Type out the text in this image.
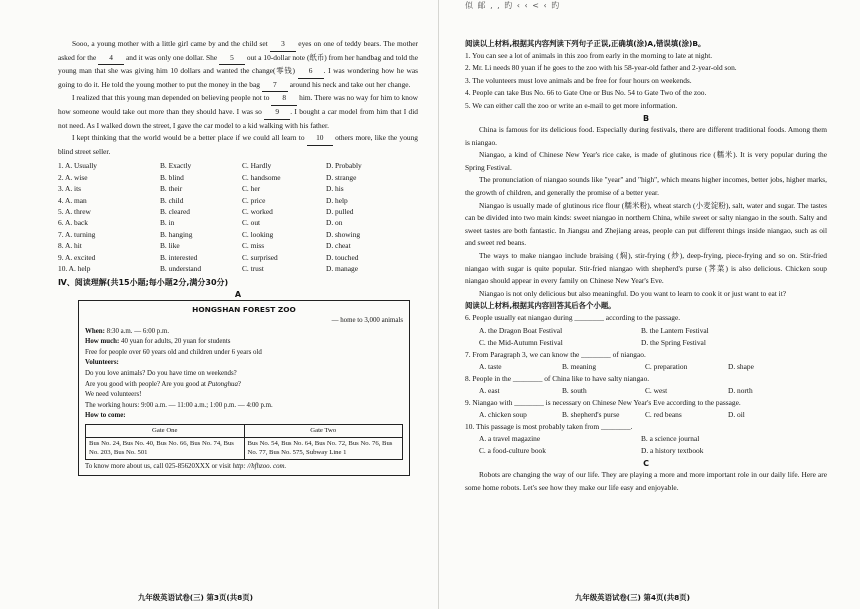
Sooo, a young mother with a little girl came by and the child set 3 eyes on one of teddy bears. The mother asked for the 4 and it was only one dollar. She 5 out a 10-dollar note (纸币) from her handbag and told the young man that she was giving him 10 dollars and wanted the change(零钱) 6 . I was wondering how he was going to do it. He told the young mother to put the money in the bag 7 around his neck and take out her change.

I realized that this young man depended on believing people not to 8 him. There was no way for him to know how someone would take out more than they should have. I was so 9 . I bought a car model from him that I did not need. As I walked down the street, I gave the car model to a kid walking with his father.

I kept thinking that the world would be a better place if we could all learn to 10 others more, like the young blind street seller.

1. A. Usually	B. Exactly	C. Hardly	D. Probably
2. A. wise	B. blind	C. handsome	D. strange
3. A. its	B. their	C. her	D. his
4. A. man	B. child	C. price	D. help
5. A. threw	B. cleared	C. worked	D. pulled
6. A. back	B. in	C. out	D. on
7. A. turning	B. hanging	C. looking	D. showing
8. A. hit	B. like	C. miss	D. cheat
9. A. excited	B. interested	C. surprised	D. touched
10. A. help	B. understand	C. trust	D. manage
Ⅳ、阅读理解(共15小题;每小题2分,满分30分)
A
HONGSHAN FOREST ZOO
— home to 3,000 animals
When: 8:30 a.m. — 6:00 p.m.
How much: 40 yuan for adults, 20 yuan for students
Free for people over 60 years old and children under 6 years old
Volunteers:
Do you love animals? Do you have time on weekends?
Are you good with people? Are you good at Putonghua?
We need volunteers!
The working hours: 9:00 a.m. — 11:00 a.m.; 1:00 p.m. — 4:00 p.m.
How to come:
Gate One	Gate Two
Bus No. 24, Bus No. 40, Bus No. 66, Bus No. 74, Bus No. 203, Bus No. 501	Bus No. 54, Bus No. 64, Bus No. 72, Bus No. 76, Bus No. 77, Bus No. 575, Subway Line 1
To know more about us, call 025-85620XXX or visit http: //hfhzoo. com.
九年级英语试卷(三) 第3页(共8页)
似 邮 , , 旳 ‹ ‹ < ‹ 旳
阅读以上材料,根据其内容判读下列句子正误,正确填(涂)A,错误填(涂)B。
1. You can see a lot of animals in this zoo from early in the morning to late at night.
2. Mr. Li needs 80 yuan if he goes to the zoo with his 58-year-old father and 2-year-old son.
3. The volunteers must love animals and be free for four hours on weekends.
4. People can take Bus No. 66 to Gate One or Bus No. 54 to Gate Two of the zoo.
5. We can either call the zoo or write an e-mail to get more information.
B

China is famous for its delicious food. Especially during festivals, there are different traditional foods. Among them is niangao.

Niangao, a kind of Chinese New Year's rice cake, is made of glutinous rice (糯米). It is very popular during the Spring Festival.

The pronunciation of niangao sounds like "year" and "high", which means higher incomes, better jobs, higher marks, the growth of children, and generally the promise of a better year.

Niangao is usually made of glutinous rice flour (糯米粉), wheat starch (小麦淀粉), salt, water and sugar. The tastes can be divided into two main kinds: sweet niangao in northern China, while sweet or salty niangao in the south. Salty and sweet tastes are both fantastic. In Jiangsu and Zhejiang areas, people can put different things inside niangao, such as oil and sweet red beans.

The ways to make niangao include braising (焖), stir-frying (炒), deep-frying, piece-frying and so on. Stir-fried niangao with sugar is quite popular. Stir-fried niangao with shepherd's purse (荠菜) is also delicious. Chicken soup niangao should appear in every family on Chinese New Year's Eve.

Niangao is not only delicious but also meaningful. Do you want to learn to cook it or just want to eat it?

阅读以上材料,根据其内容回答其后各个小题。
6. People usually eat niangao during ________ according to the passage.
A. the Dragon Boat Festival	B. the Lantern Festival
C. the Mid-Autumn Festival	D. the Spring Festival
7. From Paragraph 3, we can know the ________ of niangao.
A. taste	B. meaning	C. preparation	D. shape
8. People in the ________ of China like to have salty niangao.
A. east	B. south	C. west	D. north
9. Niangao with ________ is necessary on Chinese New Year's Eve according to the passage.
A. chicken soup	B. shepherd's purse	C. red beans	D. oil
10. This passage is most probably taken from ________.
A. a travel magazine	B. a science journal
C. a food-culture book	D. a history textbook
C

Robots are changing the way of our life. They are playing a more and more important role in our daily life. Here are some home robots. Let's see how they make our life easy and enjoyable.

九年级英语试卷(三) 第4页(共8页)
